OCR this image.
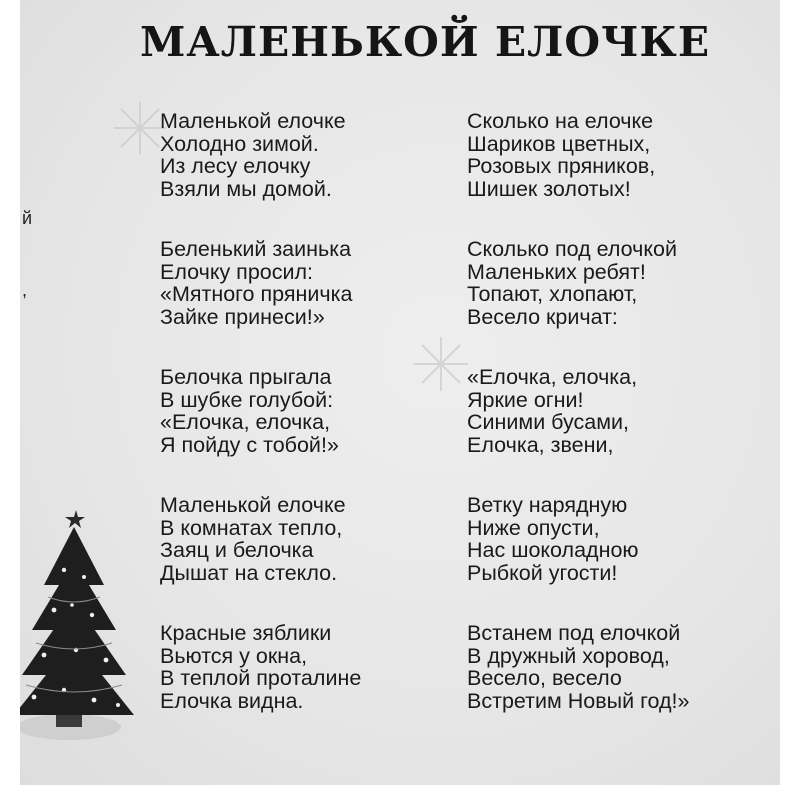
й
,
МАЛЕНЬКОЙ ЕЛОЧКЕ
Маленькой елочке
Холодно зимой.
Из лесу елочку
Взяли мы домой.
Беленький заинька
Елочку просил:
«Мятного пряничка
Зайке принеси!»
Белочка прыгала
В шубке голубой:
«Елочка, елочка,
Я пойду с тобой!»
Маленькой елочке
В комнатах тепло,
Заяц и белочка
Дышат на стекло.
Красные зяблики
Вьются у окна,
В теплой проталине
Елочка видна.
Сколько на елочке
Шариков цветных,
Розовых пряников,
Шишек золотых!
Сколько под елочкой
Маленьких ребят!
Топают, хлопают,
Весело кричат:
«Елочка, елочка,
Яркие огни!
Синими бусами,
Елочка, звени,
Ветку нарядную
Ниже опусти,
Нас шоколадною
Рыбкой угости!
Встанем под елочкой
В дружный хоровод,
Весело, весело
Встретим Новый год!»
